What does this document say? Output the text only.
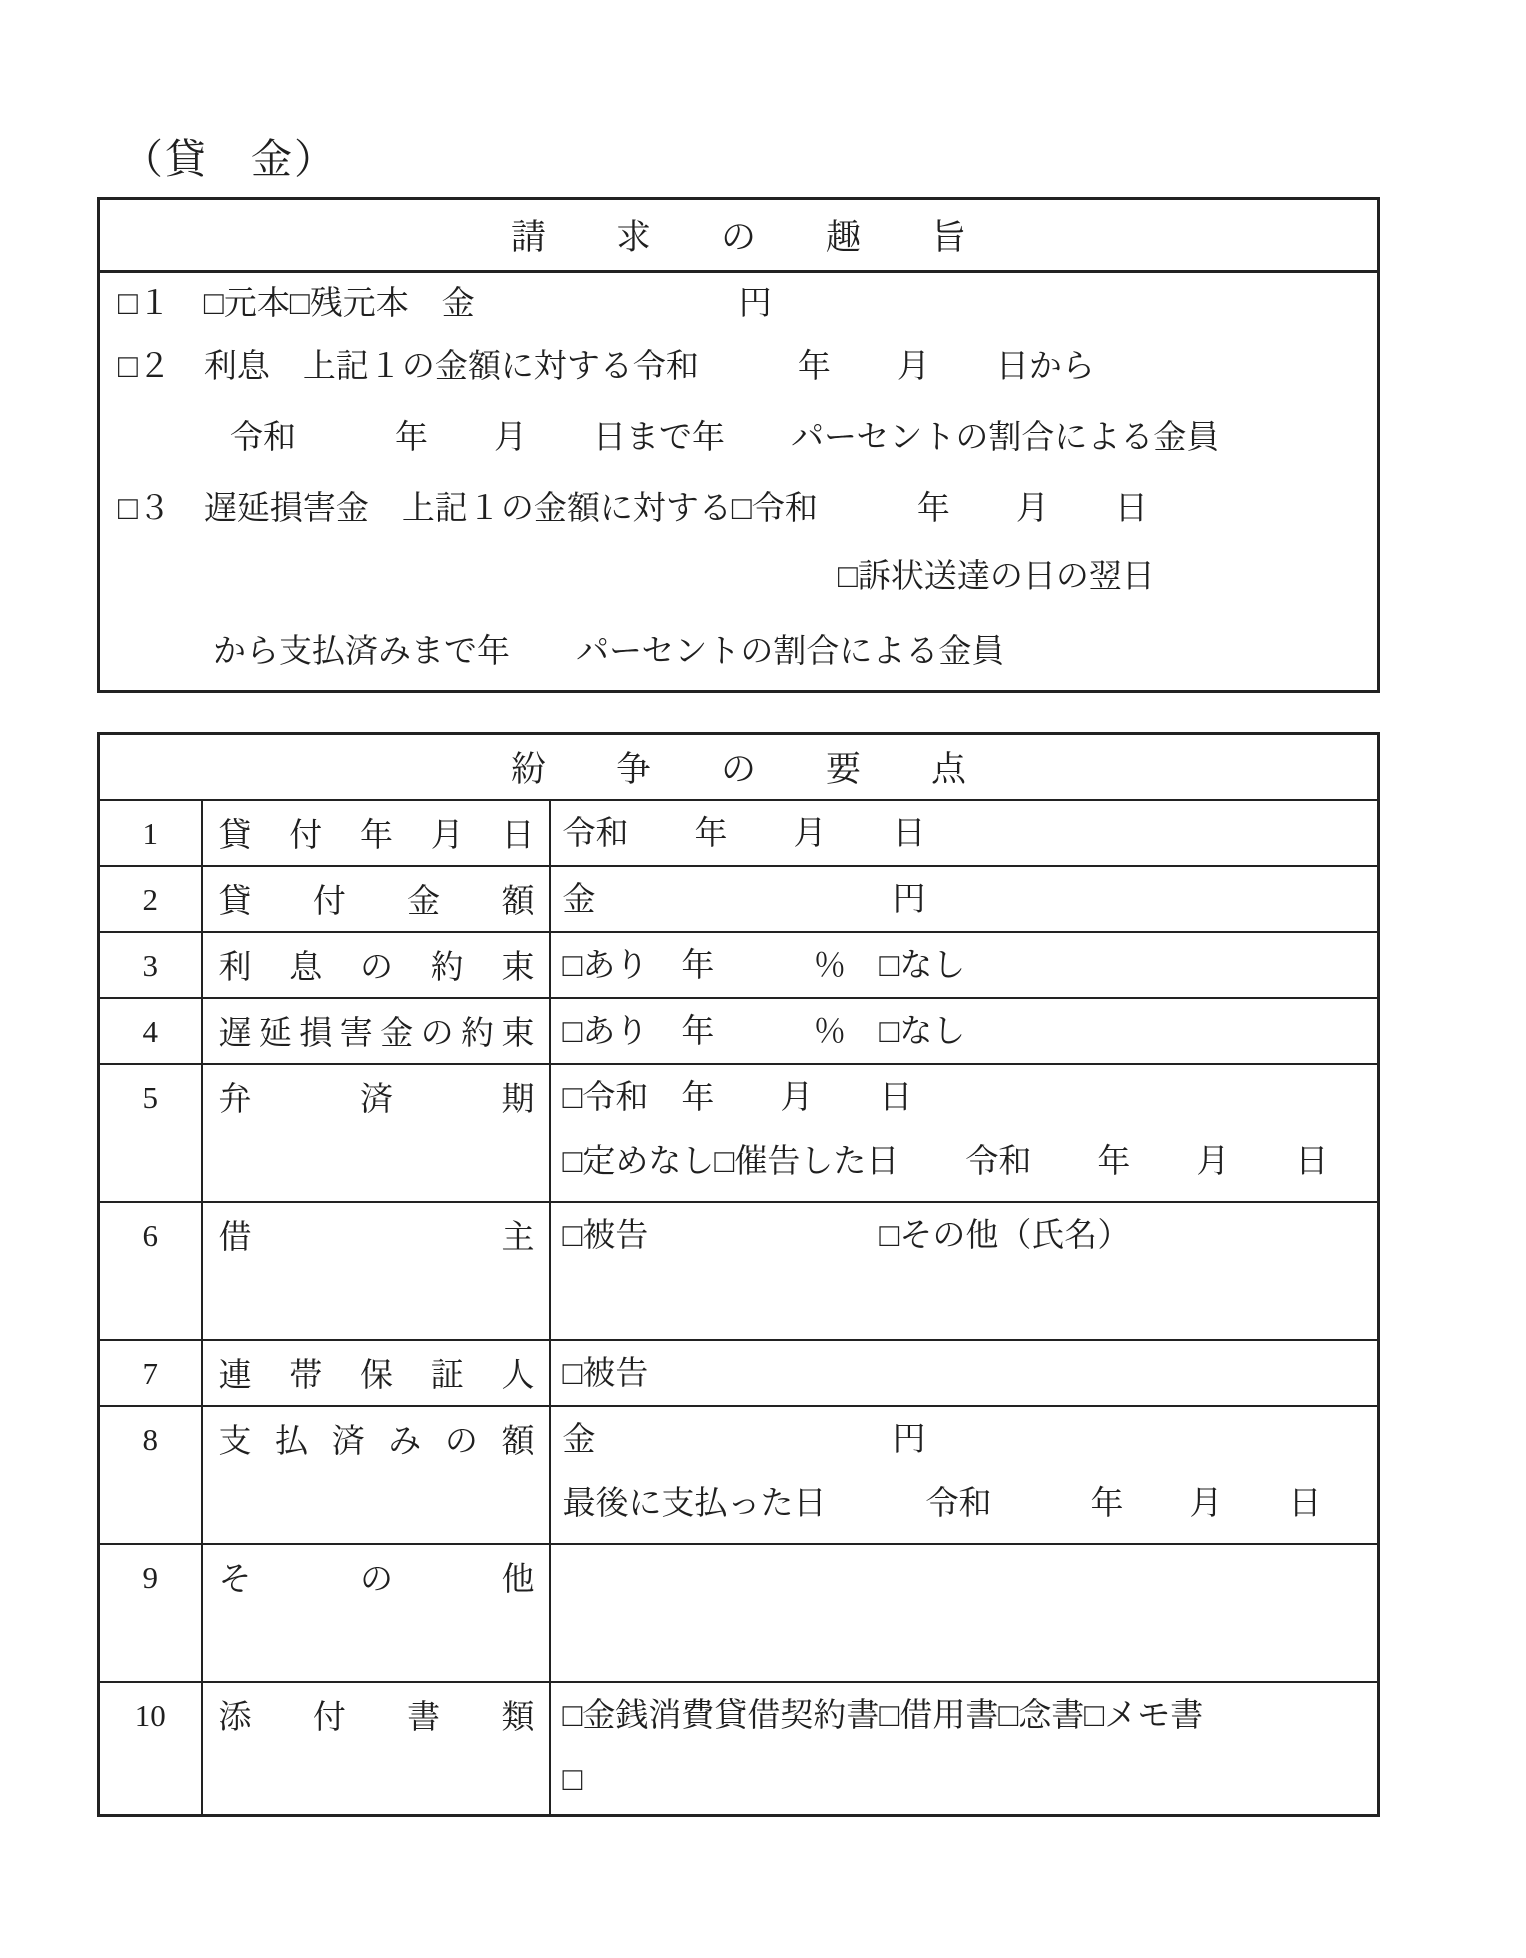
（貸　金）
請　　求　　の　　趣　　旨
□１　□元本□残元本　金　　　　　　　　円
□２　利息　上記１の金額に対する令和　　　年　　月　　日から
令和　　　年　　月　　日まで年　　パーセントの割合による金員
□３　遅延損害金　上記１の金額に対する□令和　　　年　　月　　日
□訴状送達の日の翌日
から支払済みまで年　　パーセントの割合による金員
紛　　争　　の　　要　　点		
1	貸付年月日	令和　　年　　月　　日

2	貸付金額	金　　　　　　　　　円

3	利息の約束	□あり　年　　　％　□なし

4	遅延損害金の約束	□あり　年　　　％　□なし

5	弁済期	□令和　年　　月　　日
□定めなし□催告した日　　令和　　年　　月　　日

6	借主	□被告　　　　　　　□その他（氏名）

7	連帯保証人	□被告

8	支払済みの額	金　　　　　　　　　円
最後に支払った日　　　令和　　　年　　月　　日

9	その他	

10	添付書類	□金銭消費貸借契約書□借用書□念書□メモ書
□
